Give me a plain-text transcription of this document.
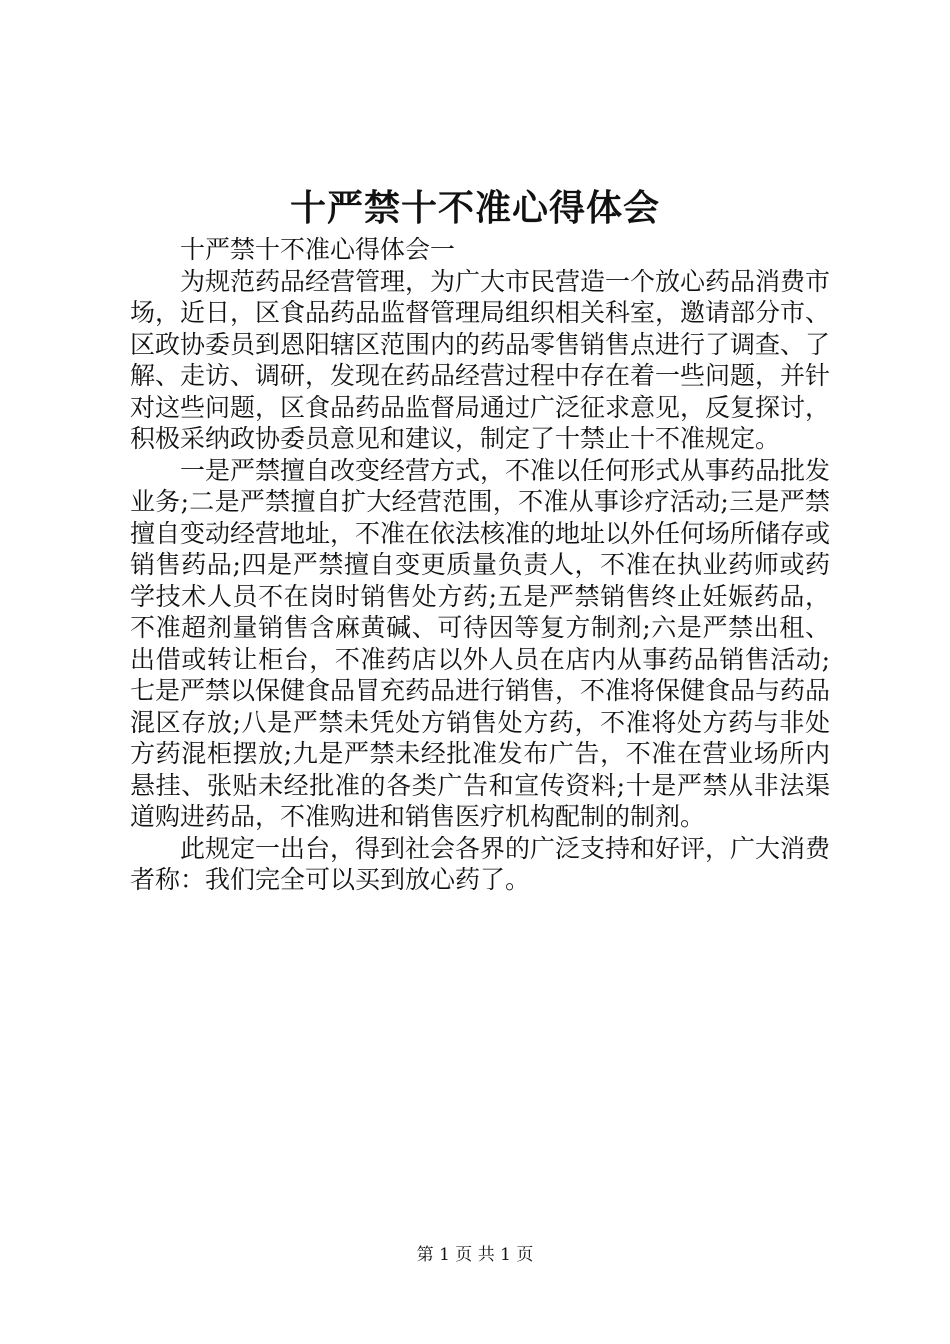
十严禁十不准心得体会

十严禁十不准心得体会一

为规范药品经营管理，为广大市民营造一个放心药品消费市场，近日，区食品药品监督管理局组织相关科室，邀请部分市、区政协委员到恩阳辖区范围内的药品零售销售点进行了调查、了解、走访、调研，发现在药品经营过程中存在着一些问题，并针对这些问题，区食品药品监督局通过广泛征求意见，反复探讨，积极采纳政协委员意见和建议，制定了十禁止十不准规定。

一是严禁擅自改变经营方式，不准以任何形式从事药品批发业务;二是严禁擅自扩大经营范围，不准从事诊疗活动;三是严禁擅自变动经营地址，不准在依法核准的地址以外任何场所储存或销售药品;四是严禁擅自变更质量负责人，不准在执业药师或药学技术人员不在岗时销售处方药;五是严禁销售终止妊娠药品，不准超剂量销售含麻黄碱、可待因等复方制剂;六是严禁出租、出借或转让柜台，不准药店以外人员在店内从事药品销售活动;七是严禁以保健食品冒充药品进行销售，不准将保健食品与药品混区存放;八是严禁未凭处方销售处方药，不准将处方药与非处方药混柜摆放;九是严禁未经批准发布广告，不准在营业场所内悬挂、张贴未经批准的各类广告和宣传资料;十是严禁从非法渠道购进药品，不准购进和销售医疗机构配制的制剂。

此规定一出台，得到社会各界的广泛支持和好评，广大消费者称：我们完全可以买到放心药了。

第 1 页 共 1 页
